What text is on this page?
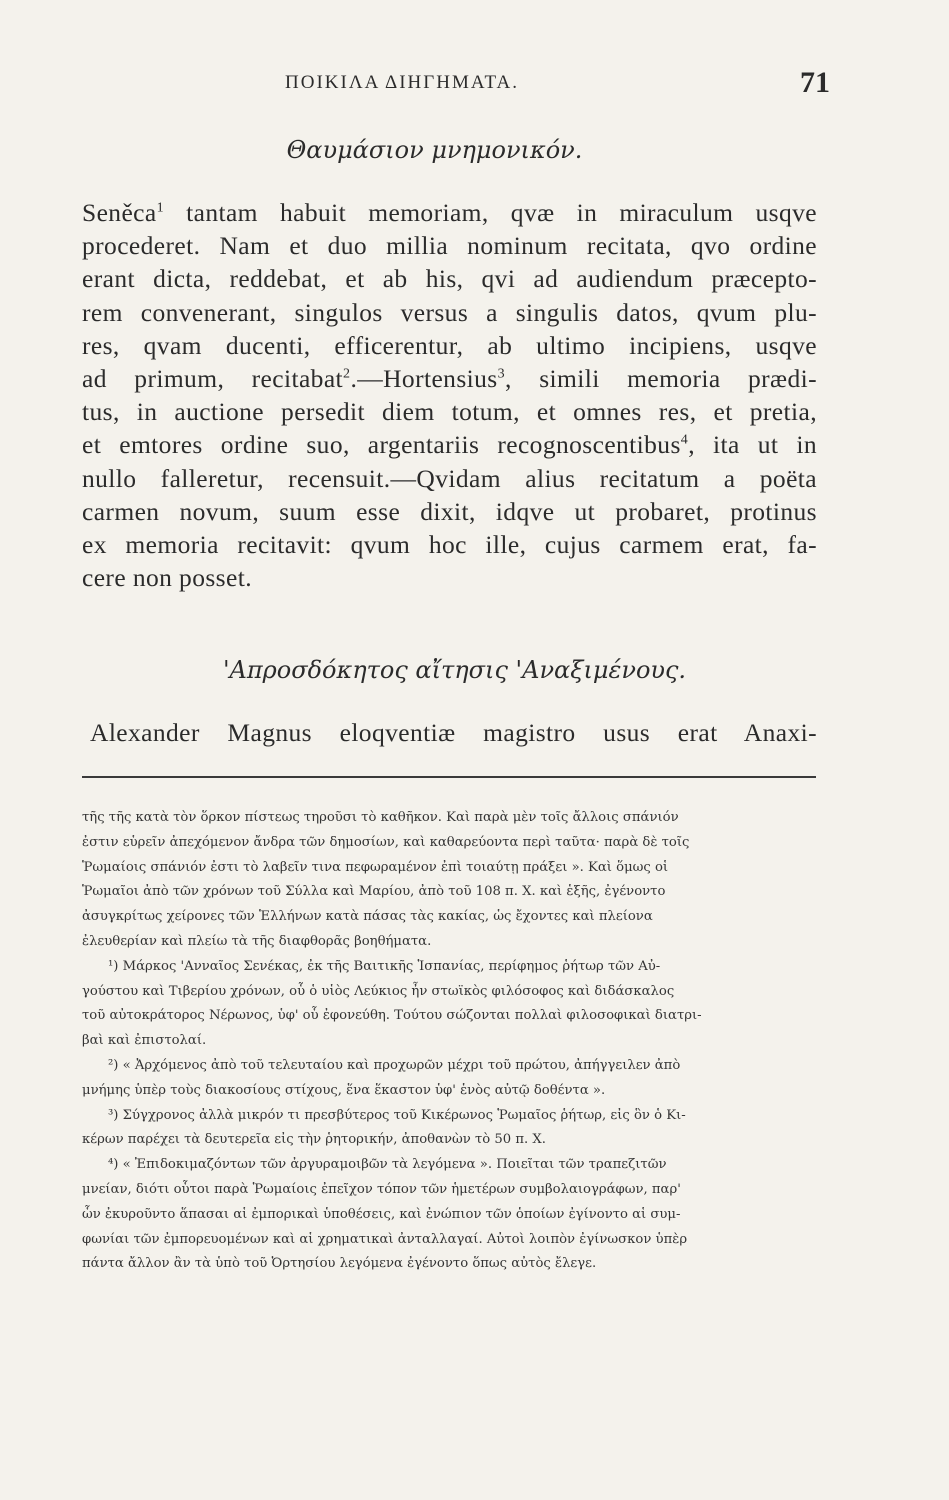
ΠΟΙΚΙΛΑ ΔΙΗΓΗΜΑΤΑ.	71
Θαυμάσιον μνημονικόν.
Seněca$^1$ tantam habuit memoriam, qvæ in miraculum usqve
procederet. Nam et duo millia nominum recitata, qvo ordine
erant dicta, reddebat, et ab his, qvi ad audiendum præcepto-
rem convenerant, singulos versus a singulis datos, qvum plu-
res, qvam ducenti, efficerentur, ab ultimo incipiens, usqve
ad primum, recitabat$^2$.—Hortensius$^3$, simili memoria prædi-
tus, in auctione persedit diem totum, et omnes res, et pretia,
et emtores ordine suo, argentariis recognoscentibus$^4$, ita ut in
nullo falleretur, recensuit.—Qvidam alius recitatum a poëta
carmen novum, suum esse dixit, idqve ut probaret, protinus
ex memoria recitavit: qvum hoc ille, cujus carmem erat, fa-
cere non posset.
'Απροσδόκητος αἴτησις 'Αναξιμένους.
Alexander Magnus eloqventiæ magistro usus erat Anaxi-
τῆς τῆς κατὰ τὸν ὅρκον πίστεως τηροῦσι τὸ καθῆκον. Καὶ παρὰ μὲν τοῖς ἄλλοις σπάνιόν
ἐστιν εὑρεῖν ἀπεχόμενον ἄνδρα τῶν δημοσίων, καὶ καθαρεύοντα περὶ ταῦτα· παρὰ δὲ τοῖς
Ῥωμαίοις σπάνιόν ἐστι τὸ λαβεῖν τινα πεφωραμένον ἐπὶ τοιαύτῃ πράξει ». Καὶ ὅμως οἱ
Ῥωμαῖοι ἀπὸ τῶν χρόνων τοῦ Σύλλα καὶ Μαρίου, ἀπὸ τοῦ 108 π. Χ. καὶ ἑξῆς, ἐγένοντο
ἀσυγκρίτως χείρονες τῶν Ἑλλήνων κατὰ πάσας τὰς κακίας, ὡς ἔχοντες καὶ πλείονα
ἐλευθερίαν καὶ πλείω τὰ τῆς διαφθορᾶς βοηθήματα.
¹) Μάρκος 'Ανναῖος Σενέκας, ἐκ τῆς Βαιτικῆς Ἱσπανίας, περίφημος ῥήτωρ τῶν Αὐ-
γούστου καὶ Τιβερίου χρόνων, οὗ ὁ υἱὸς Λεύκιος ἦν στωϊκὸς φιλόσοφος καὶ διδάσκαλος
τοῦ αὐτοκράτορος Νέρωνος, ὑφ' οὗ ἐφονεύθη. Τούτου σώζονται πολλαὶ φιλοσοφικαὶ διατρι-
βαὶ καὶ ἐπιστολαί.
²) « Ἀρχόμενος ἀπὸ τοῦ τελευταίου καὶ προχωρῶν μέχρι τοῦ πρώτου, ἀπήγγειλεν ἀπὸ
μνήμης ὑπὲρ τοὺς διακοσίους στίχους, ἕνα ἕκαστον ὑφ' ἑνὸς αὐτῷ δοθέντα ».
³) Σύγχρονος ἀλλὰ μικρόν τι πρεσβύτερος τοῦ Κικέρωνος Ῥωμαῖος ῥήτωρ, εἰς ὃν ὁ Κι-
κέρων παρέχει τὰ δευτερεῖα εἰς τὴν ῥητορικήν, ἀποθανὼν τὸ 50 π. Χ.
⁴) « Ἐπιδοκιμαζόντων τῶν ἀργυραμοιβῶν τὰ λεγόμενα ». Ποιεῖται τῶν τραπεζιτῶν
μνείαν, διότι οὗτοι παρὰ Ῥωμαίοις ἐπεῖχον τόπον τῶν ἡμετέρων συμβολαιογράφων, παρ'
ὧν ἐκυροῦντο ἅπασαι αἱ ἐμπορικαὶ ὑποθέσεις, καὶ ἐνώπιον τῶν ὁποίων ἐγίνοντο αἱ συμ-
φωνίαι τῶν ἐμπορευομένων καὶ αἱ χρηματικαὶ ἀνταλλαγαί. Αὐτοὶ λοιπὸν ἐγίνωσκον ὑπὲρ
πάντα ἄλλον ἂν τὰ ὑπὸ τοῦ Ὀρτησίου λεγόμενα ἐγένοντο ὅπως αὐτὸς ἔλεγε.
